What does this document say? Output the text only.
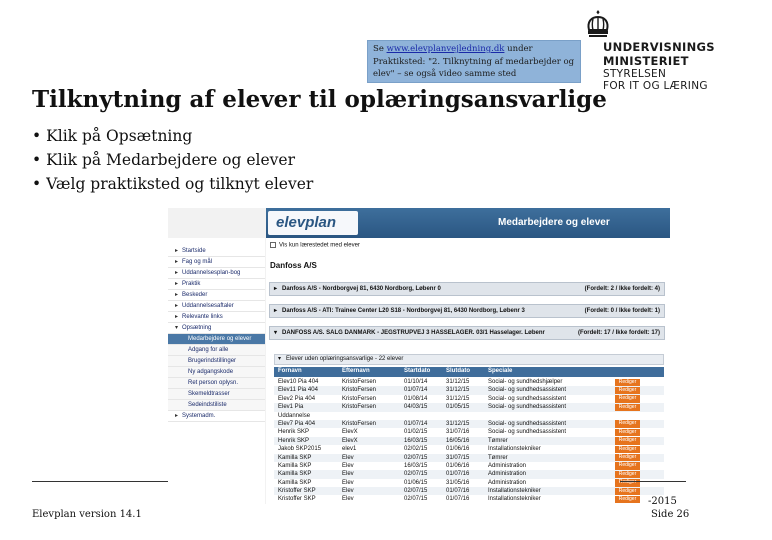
Se www.elevplanvejledning.dk under Praktiksted: "2. Tilknytning af medarbejder og elev" – se også video samme sted
UNDERVISNINGS
MINISTERIET
STYRELSEN
FOR IT OG LÆRING
Tilknytning af elever til oplæringsansvarlige
• Klik på Opsætning
• Klik på Medarbejdere og elever
• Vælg praktiksted og tilknyt elever
Medarbejdere og elever
Pia (p... 850•frk...)
Virksomhedsansvarlige (pfkf)
elevplan
▸ Startside
▸ Fag og mål
▸ Uddannelsesplan-bog
▸ Praktik
▸ Beskeder
▸ Uddannelsesaftaler
▸ Relevante links
▾ Opsætning
Medarbejdere og elever
Adgang for alle
Brugerindstillinger
Ny adgangskode
Ret person oplysn.
Skemeldtrasser
Sedeindstiliste
▸ Systemadm.
Vis kun lærestedet med elever
Danfoss A/S
▸ Danfoss A/S - Nordborgvej 81, 6430 Nordborg, Løbenr 0	(Fordelt: 2 / Ikke fordelt: 4)
▸ Danfoss A/S - ATI: Trainee Center L20 S18 - Nordborgvej 81, 6430 Nordborg, Løbenr 3	(Fordelt: 0 / Ikke fordelt: 1)
▾ DANFOSS A/S. SALG DANMARK - JEGSTRUPVEJ 3 HASSELAGER. 03/1 Hasselager. Løbenr	(Fordelt: 17 / Ikke fordelt: 17)
▾ Elever uden oplæringsansvarlige - 22 elever
Fornavn	Efternavn	Startdato	Slutdato	Speciale
Elev10 Pia 404	KristoFersen	01/10/14	31/12/15	Social- og sundhedshjælper	Rediger
Elev11 Pia 404	KristoFersen	01/07/14	31/12/15	Social- og sundhedsassistent	Rediger
Elev2 Pia 404	KristoFersen	01/08/14	31/12/15	Social- og sundhedsassistent	Rediger
Elev1 Pia	KristoFersen	04/03/15	01/05/15	Social- og sundhedsassistent	Rediger
Uddannelse
Elev7 Pia 404	KristoFersen	01/07/14	31/12/15	Social- og sundhedsassistent	Rediger
Henrik SKP	ElevX	01/02/15	31/07/16	Social- og sundhedsassistent	Rediger
Henrik SKP	ElevX	16/03/15	16/05/16	Tømrer	Rediger
Jakob SKP2015	elev1	02/02/15	01/06/16	Installationstekniker	Rediger
Kamilla SKP	Elev	02/07/15	31/07/15	Tømrer	Rediger
Kamilla SKP	Elev	16/03/15	01/06/16	Administration	Rediger
Kamilla SKP	Elev	02/07/15	01/07/16	Administration	Rediger
Kamilla SKP	Elev	01/06/15	31/05/16	Administration	Rediger
Kristoffer SKP	Elev	02/07/15	01/07/16	Installationstekniker	Rediger
Kristoffer SKP	Elev	02/07/15	01/07/16	Installationstekniker	Rediger
Elevplan version 14.1
-2015
Side 26
